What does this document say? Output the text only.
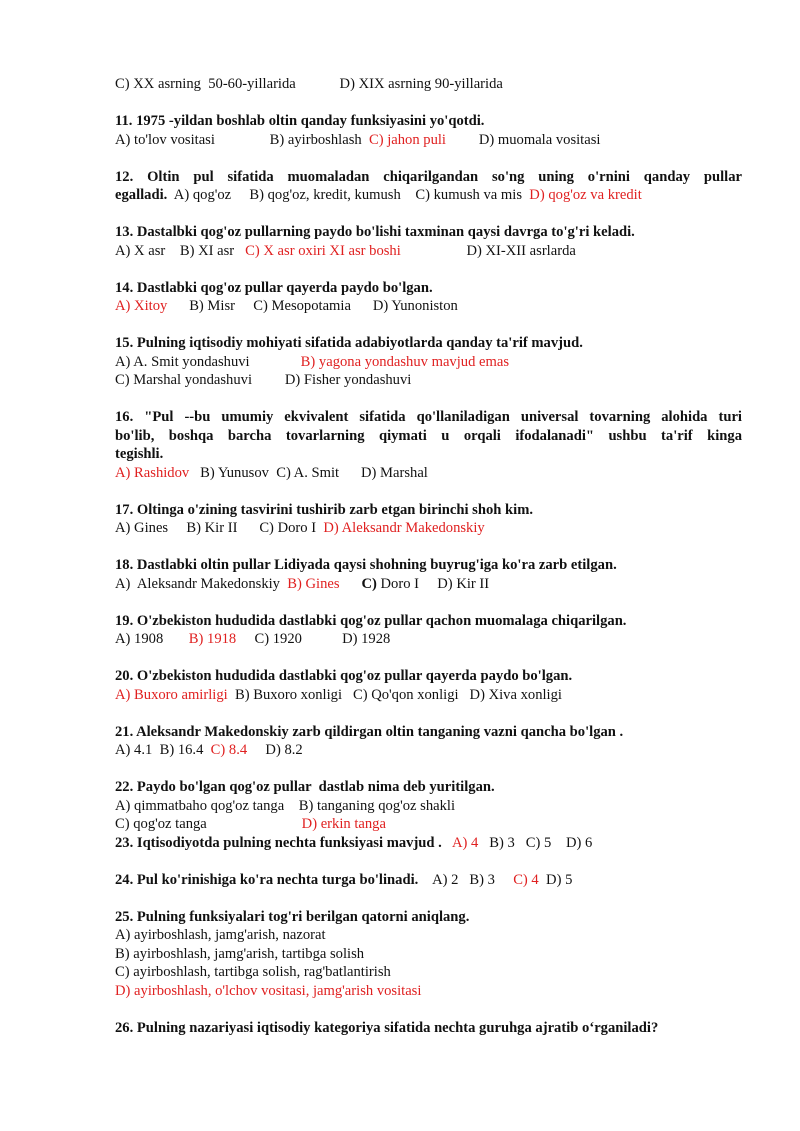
C) XX asrning  50-60-yillarida	D) XIX asrning 90-yillarida
11. 1975 -yildan boshlab oltin qanday funksiyasini yo'qotdi.
A) to'lov vositasi	B) ayirboshlash C) jahon puli D) muomala vositasi
12. Oltin pul sifatida muomaladan chiqarilgandan so'ng uning o'rnini qanday pullar
egalladi. A) qog'oz B) qog'oz, kredit, kumush C) kumush va mis D) qog'oz va kredit
13. Dastalbki qog'oz pullarning paydo bo'lishi taxminan qaysi davrga to'g'ri keladi.
A) X asr B) XI asr C) X asr oxiri XI asr boshi	D) XI-XII asrlarda
14. Dastlabki qog'oz pullar qayerda paydo bo'lgan.
A) Xitoy B) Misr C) Mesopotamia D) Yunoniston
15. Pulning iqtisodiy mohiyati sifatida adabiyotlarda qanday ta'rif mavjud.
A) A. Smit yondashuvi	B) yagona yondashuv mavjud emas
C) Marshal yondashuvi D) Fisher yondashuvi
16. "Pul --bu umumiy ekvivalent sifatida qo'llaniladigan universal tovarning alohida turi
bo'lib, boshqa barcha tovarlarning qiymati u orqali ifodalanadi" ushbu ta'rif kinga
tegishli.
A) Rashidov B) Yunusov C) A. Smit D) Marshal
17. Oltinga o'zining tasvirini tushirib zarb etgan birinchi shoh kim.
A) Gines B) Kir II C) Doro I D) Aleksandr Makedonskiy
18. Dastlabki oltin pullar Lidiyada qaysi shohning buyrug'iga ko'ra zarb etilgan.
A)  Aleksandr Makedonskiy B) Gines C) Doro I D) Kir II
19. O'zbekiston hududida dastlabki qog'oz pullar qachon muomalaga chiqarilgan.
A) 1908 B) 1918 C) 1920	D) 1928
20. O'zbekiston hududida dastlabki qog'oz pullar qayerda paydo bo'lgan.
A) Buxoro amirligi B) Buxoro xonligi C) Qo'qon xonligi D) Xiva xonligi
21. Aleksandr Makedonskiy zarb qildirgan oltin tanganing vazni qancha bo'lgan .
A) 4.1 B) 16.4 C) 8.4 D) 8.2
22. Paydo bo'lgan qog'oz pullar  dastlab nima deb yuritilgan.
A) qimmatbaho qog'oz tanga B) tanganing qog'oz shakli
C) qog'oz tanga	D) erkin tanga
23. Iqtisodiyotda pulning nechta funksiyasi mavjud . A) 4 B) 3 C) 5 D) 6
24. Pul ko'rinishiga ko'ra nechta turga bo'linadi. A) 2 B) 3 C) 4 D) 5
25. Pulning funksiyalari tog'ri berilgan qatorni aniqlang.
A) ayirboshlash, jamg'arish, nazorat
B) ayirboshlash, jamg'arish, tartibga solish
C) ayirboshlash, tartibga solish, rag'batlantirish
D) ayirboshlash, o'lchov vositasi, jamg'arish vositasi
26. Pulning nazariyasi iqtisodiy kategoriya sifatida nechta guruhga ajratib o‘rganiladi?
